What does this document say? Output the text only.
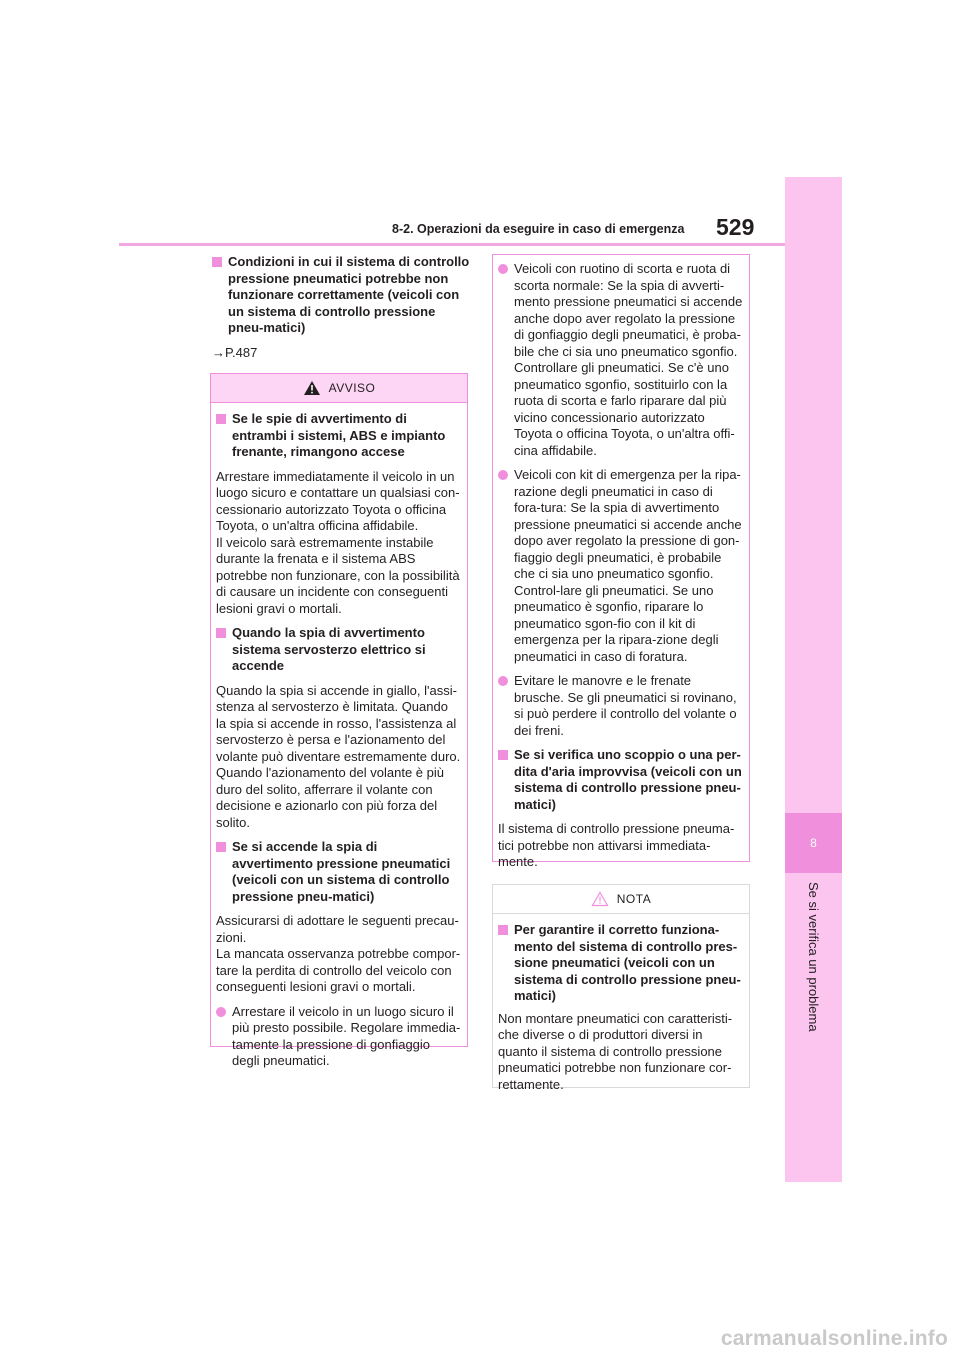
8-2. Operazioni da eseguire in caso di emergenza 529
8
Se si verifica un problema

Condizioni in cui il sistema di controllo pressione pneumatici potrebbe non funzionare correttamente (veicoli con un sistema di controllo pressione pneu-matici)

→P.487
AVVISO

Se le spie di avvertimento di entrambi i sistemi, ABS e impianto frenante, rimangono accese

Arrestare immediatamente il veicolo in un luogo sicuro e contattare un qualsiasi con-cessionario autorizzato Toyota o officina Toyota, o un'altra officina affidabile.
Il veicolo sarà estremamente instabile durante la frenata e il sistema ABS potrebbe non funzionare, con la possibilità di causare un incidente con conseguenti lesioni gravi o mortali.

Quando la spia di avvertimento sistema servosterzo elettrico si accende

Quando la spia si accende in giallo, l'assi-stenza al servosterzo è limitata. Quando la spia si accende in rosso, l'assistenza al servosterzo è persa e l'azionamento del volante può diventare estremamente duro.
Quando l'azionamento del volante è più duro del solito, afferrare il volante con decisione e azionarlo con più forza del solito.

Se si accende la spia di avvertimento pressione pneumatici (veicoli con un sistema di controllo pressione pneu-matici)

Assicurarsi di adottare le seguenti precau-zioni.
La mancata osservanza potrebbe compor-tare la perdita di controllo del veicolo con conseguenti lesioni gravi o mortali.

Arrestare il veicolo in un luogo sicuro il più presto possibile. Regolare immedia-tamente la pressione di gonfiaggio degli pneumatici.

Veicoli con ruotino di scorta e ruota di scorta normale: Se la spia di avverti-mento pressione pneumatici si accende anche dopo aver regolato la pressione di gonfiaggio degli pneumatici, è proba-bile che ci sia uno pneumatico sgonfio. Controllare gli pneumatici. Se c'è uno pneumatico sgonfio, sostituirlo con la ruota di scorta e farlo riparare dal più vicino concessionario autorizzato Toyota o officina Toyota, o un'altra offi-cina affidabile.

Veicoli con kit di emergenza per la ripa-razione degli pneumatici in caso di fora-tura: Se la spia di avvertimento pressione pneumatici si accende anche dopo aver regolato la pressione di gon-fiaggio degli pneumatici, è probabile che ci sia uno pneumatico sgonfio. Control-lare gli pneumatici. Se uno pneumatico è sgonfio, riparare lo pneumatico sgon-fio con il kit di emergenza per la ripara-zione degli pneumatici in caso di foratura.

Evitare le manovre e le frenate brusche. Se gli pneumatici si rovinano, si può perdere il controllo del volante o dei freni.

Se si verifica uno scoppio o una per-dita d'aria improvvisa (veicoli con un sistema di controllo pressione pneu-matici)

Il sistema di controllo pressione pneuma-tici potrebbe non attivarsi immediata-mente.

NOTA

Per garantire il corretto funziona-mento del sistema di controllo pres-sione pneumatici (veicoli con un sistema di controllo pressione pneu-matici)

Non montare pneumatici con caratteristi-che diverse o di produttori diversi in quanto il sistema di controllo pressione pneumatici potrebbe non funzionare cor-rettamente.

carmanualsonline.info
